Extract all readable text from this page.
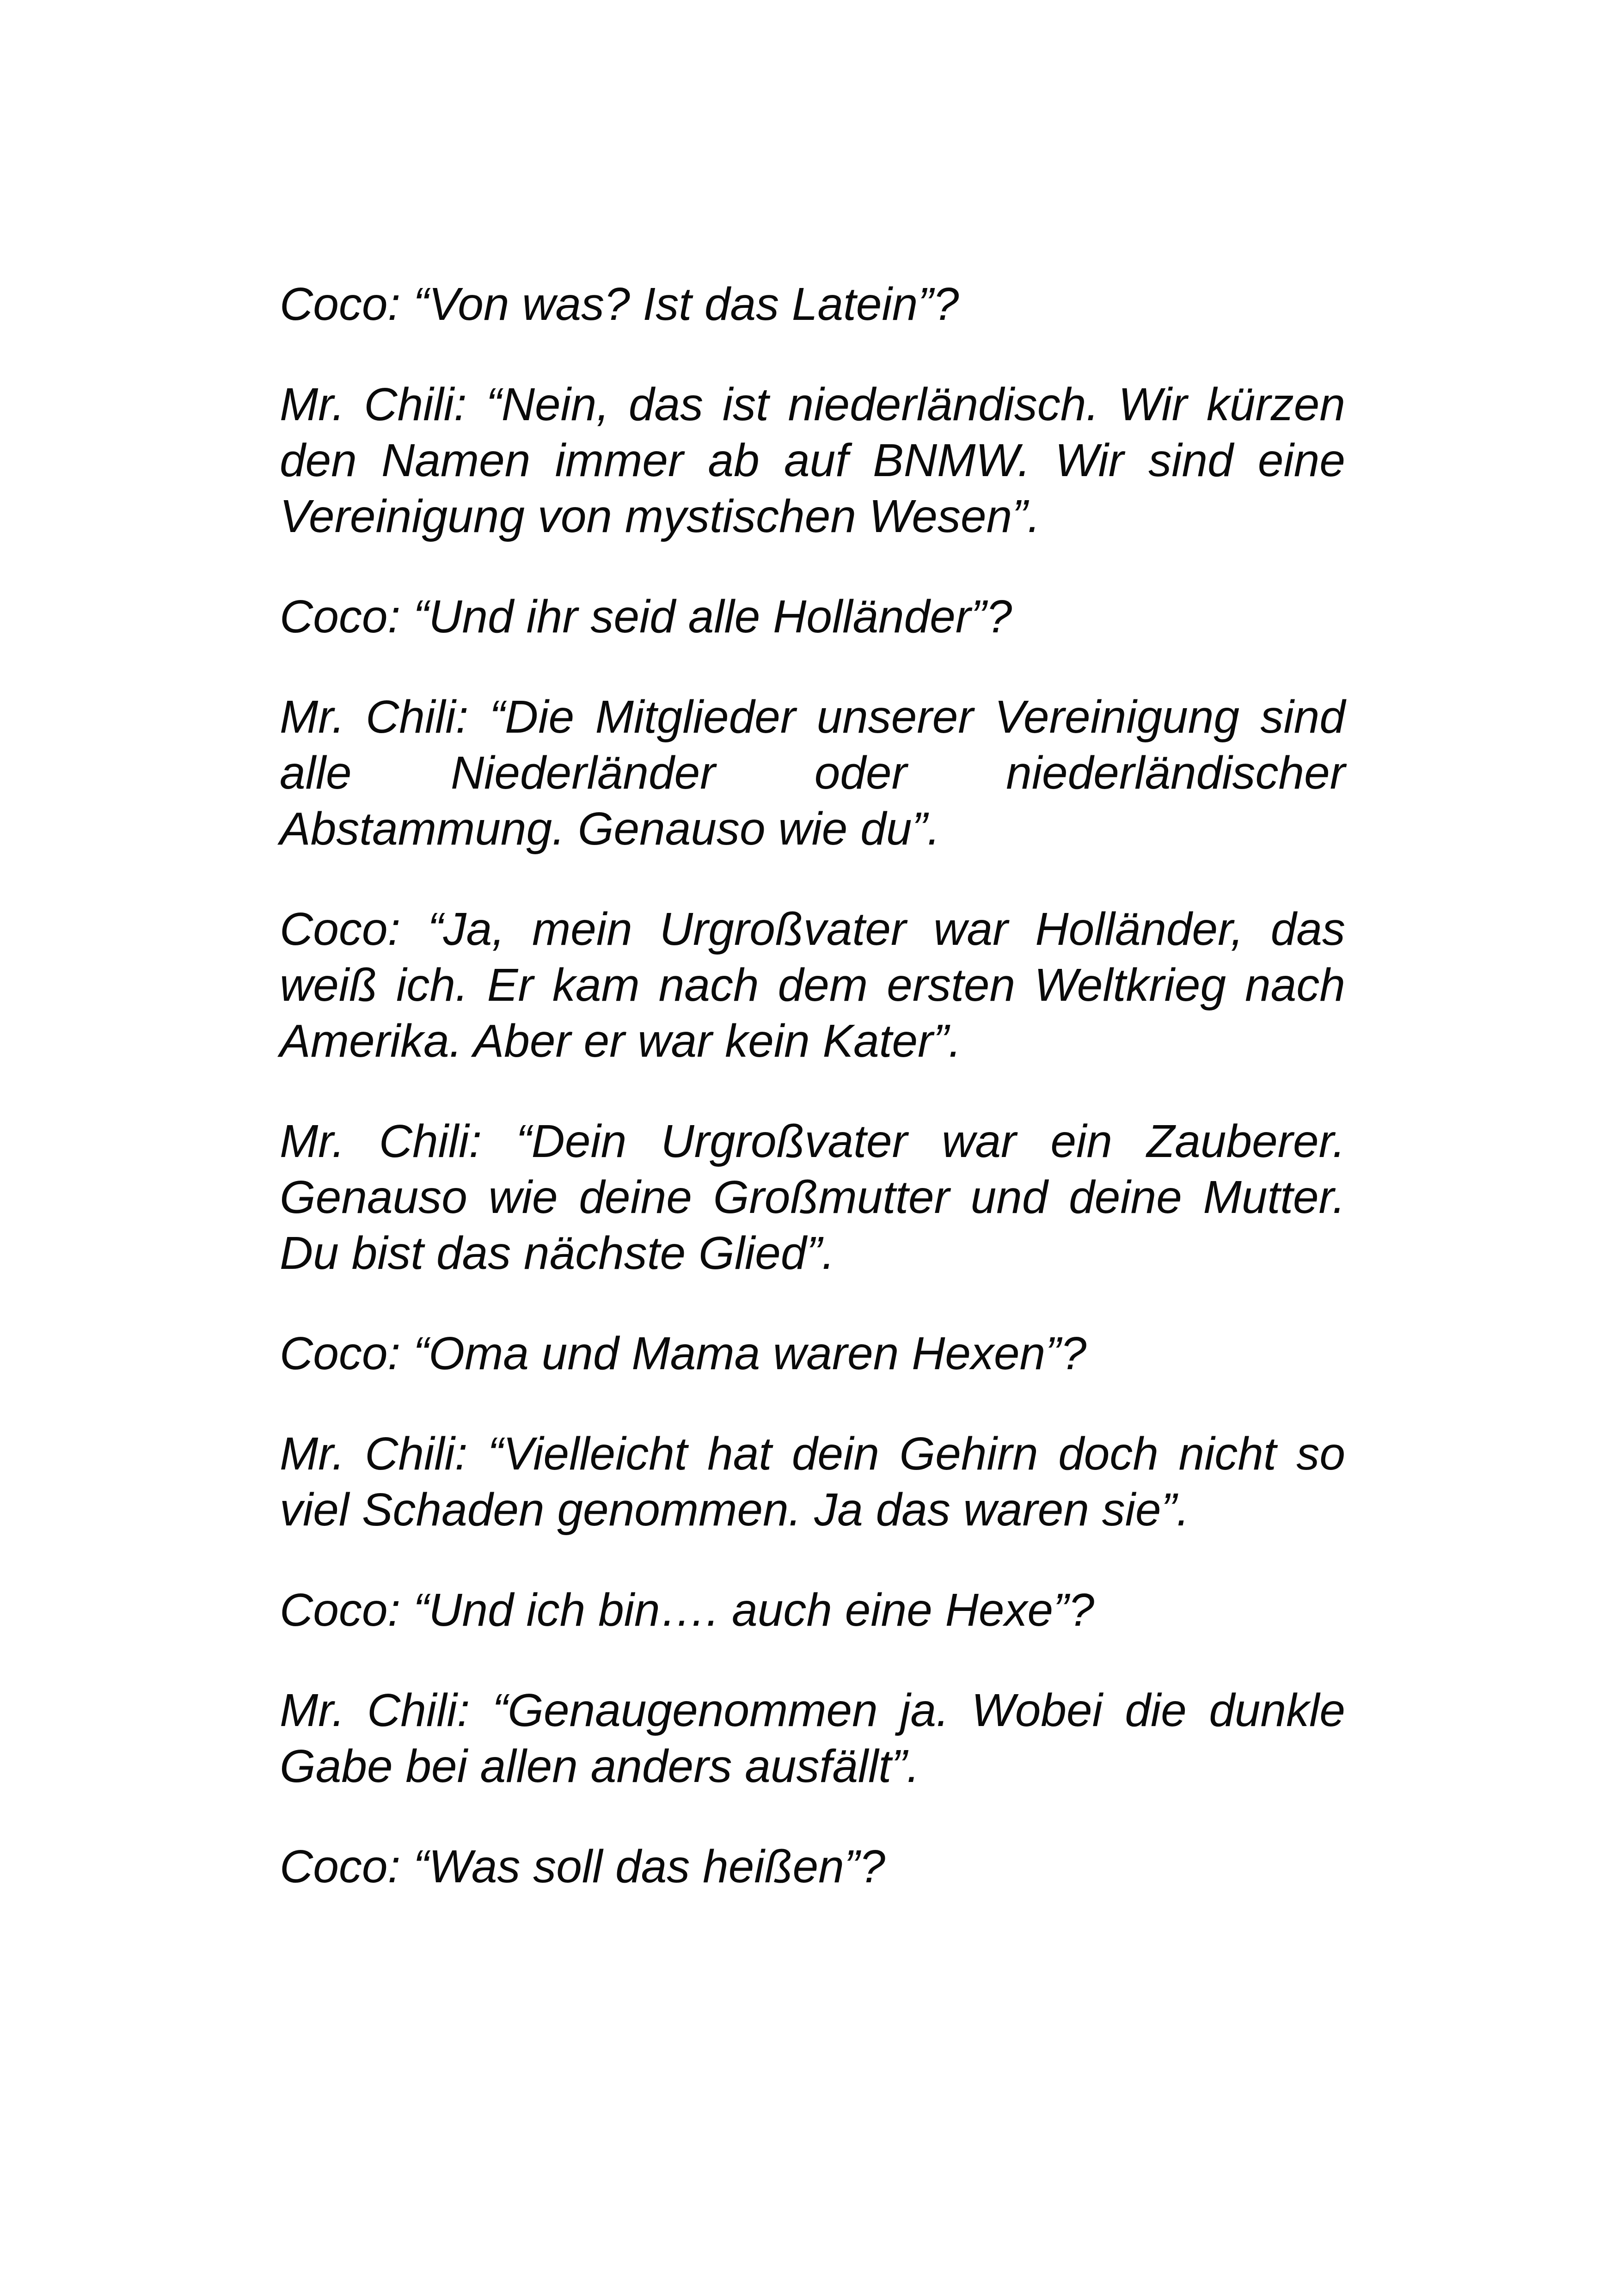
Coco: “Von was? Ist das Latein”?

Mr. Chili: “Nein, das ist niederländisch. Wir kürzen den Namen immer ab auf BNMW. Wir sind eine Vereinigung von mystischen Wesen”.

Coco: “Und ihr seid alle Holländer”?

Mr. Chili: “Die Mitglieder unserer Vereinigung sind alle Niederländer oder niederländischer Abstammung. Genauso wie du”.

Coco: “Ja, mein Urgroßvater war Holländer, das weiß ich. Er kam nach dem ersten Weltkrieg nach Amerika. Aber er war kein Kater”.

Mr. Chili: “Dein Urgroßvater war ein Zauberer. Genauso wie deine Großmutter und deine Mutter. Du bist das nächste Glied”.

Coco: “Oma und Mama waren Hexen”?

Mr. Chili: “Vielleicht hat dein Gehirn doch nicht so viel Schaden genommen. Ja das waren sie”.

Coco: “Und ich bin…. auch eine Hexe”?

Mr. Chili: “Genaugenommen ja. Wobei die dunkle Gabe bei allen anders ausfällt”.

Coco: “Was soll das heißen”?
